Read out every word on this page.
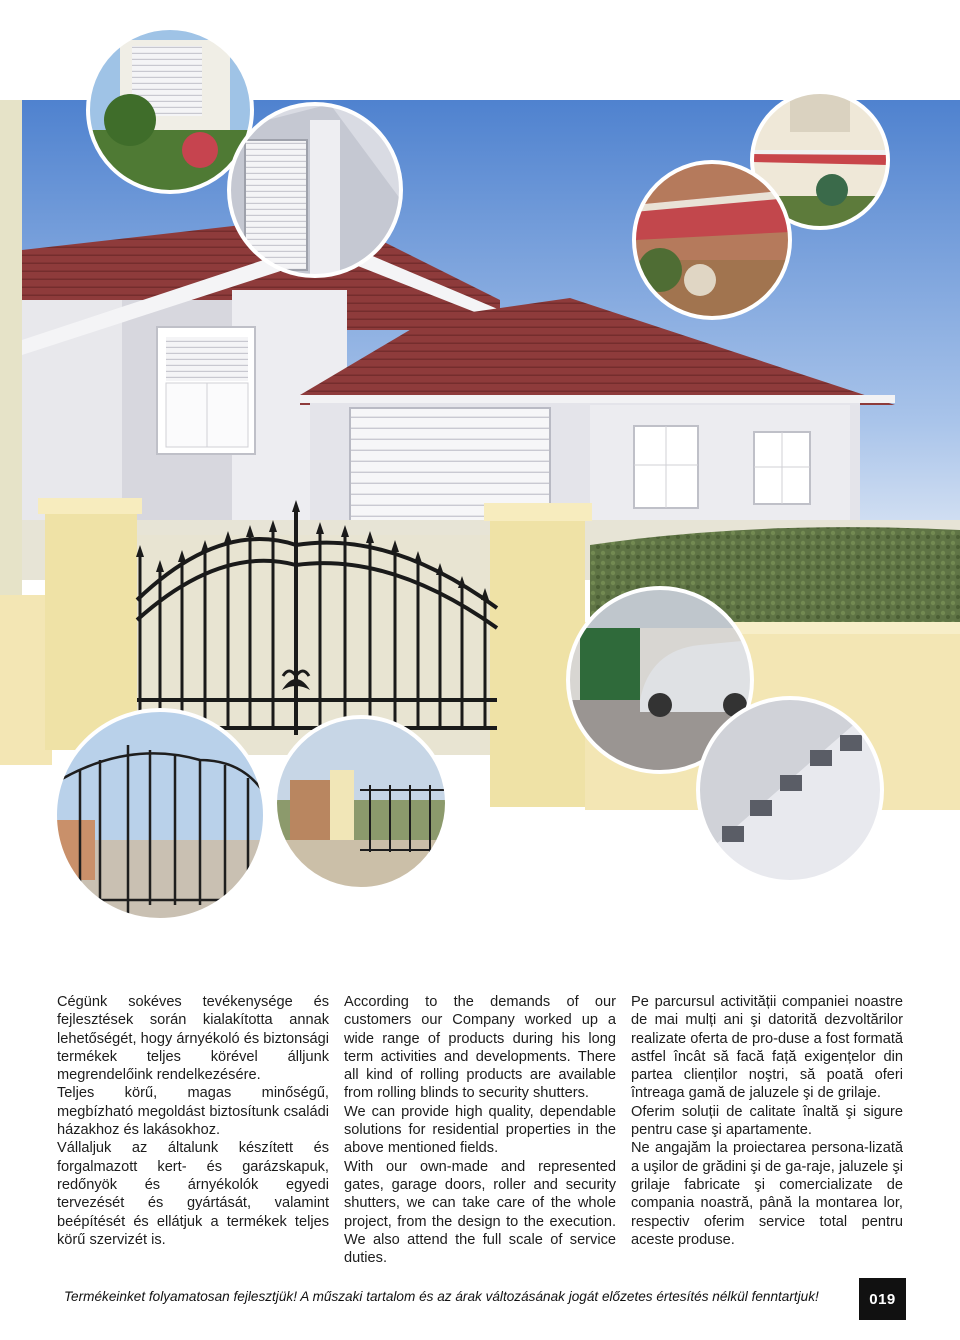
Cégünk sokéves tevékenysége és fejlesztések során kialakította annak lehetőségét, hogy árnyékoló és biztonsági termékek teljes körével álljunk megrendelőink rendelkezésére.

Teljes körű, magas minőségű, megbízható megoldást biztosítunk családi házakhoz és lakásokhoz.

Vállaljuk az általunk készített és forgalmazott kert- és garázskapuk, redőnyök és árnyékolók egyedi tervezését és gyártását, valamint beépítését és ellátjuk a termékek teljes körű szervizét is.

According to the demands of our customers our Company worked up a wide range of products during his long term activities and developments. There all kind of rolling products are available from rolling blinds to security shutters.

We can provide high quality, dependable solutions for residential properties in the above mentioned fields.

With our own-made and represented gates, garage doors, roller and security shutters, we can take care of the whole project, from the design to the execution. We also attend the full scale of service duties.

Pe parcursul activității companiei noastre de mai mulți ani şi datorită dezvoltărilor realizate oferta de pro-duse a fost formată astfel încât să facă față exigențelor din partea clienților noştri, să poată oferi întreaga gamă de jaluzele şi de grilaje.

Oferim soluții de calitate înaltă şi sigure pentru case şi apartamente.

Ne angajăm la proiectarea persona-lizată a uşilor de grădini şi de ga-raje, jaluzele şi grilaje fabricate şi comercializate de compania noastră, până la montarea lor, respectiv oferim service total pentru aceste produse.

Termékeinket folyamatosan fejlesztjük! A műszaki tartalom és az árak változásának jogát előzetes értesítés nélkül fenntartjuk!	019
